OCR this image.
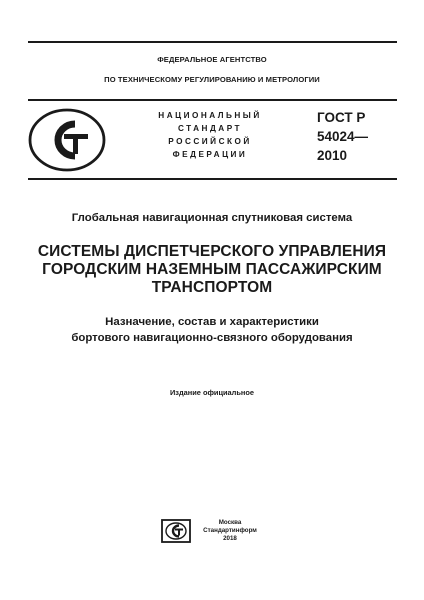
ФЕДЕРАЛЬНОЕ АГЕНТСТВО
ПО ТЕХНИЧЕСКОМУ РЕГУЛИРОВАНИЮ И МЕТРОЛОГИИ
НАЦИОНАЛЬНЫЙ
СТАНДАРТ
РОССИЙСКОЙ
ФЕДЕРАЦИИ
ГОСТ Р
54024—
2010
Глобальная навигационная спутниковая система
СИСТЕМЫ ДИСПЕТЧЕРСКОГО УПРАВЛЕНИЯ
ГОРОДСКИМ НАЗЕМНЫМ ПАССАЖИРСКИМ
ТРАНСПОРТОМ
Назначение, состав и характеристики
бортового навигационно-связного оборудования
Издание официальное
Москва
Стандартинформ
2018
